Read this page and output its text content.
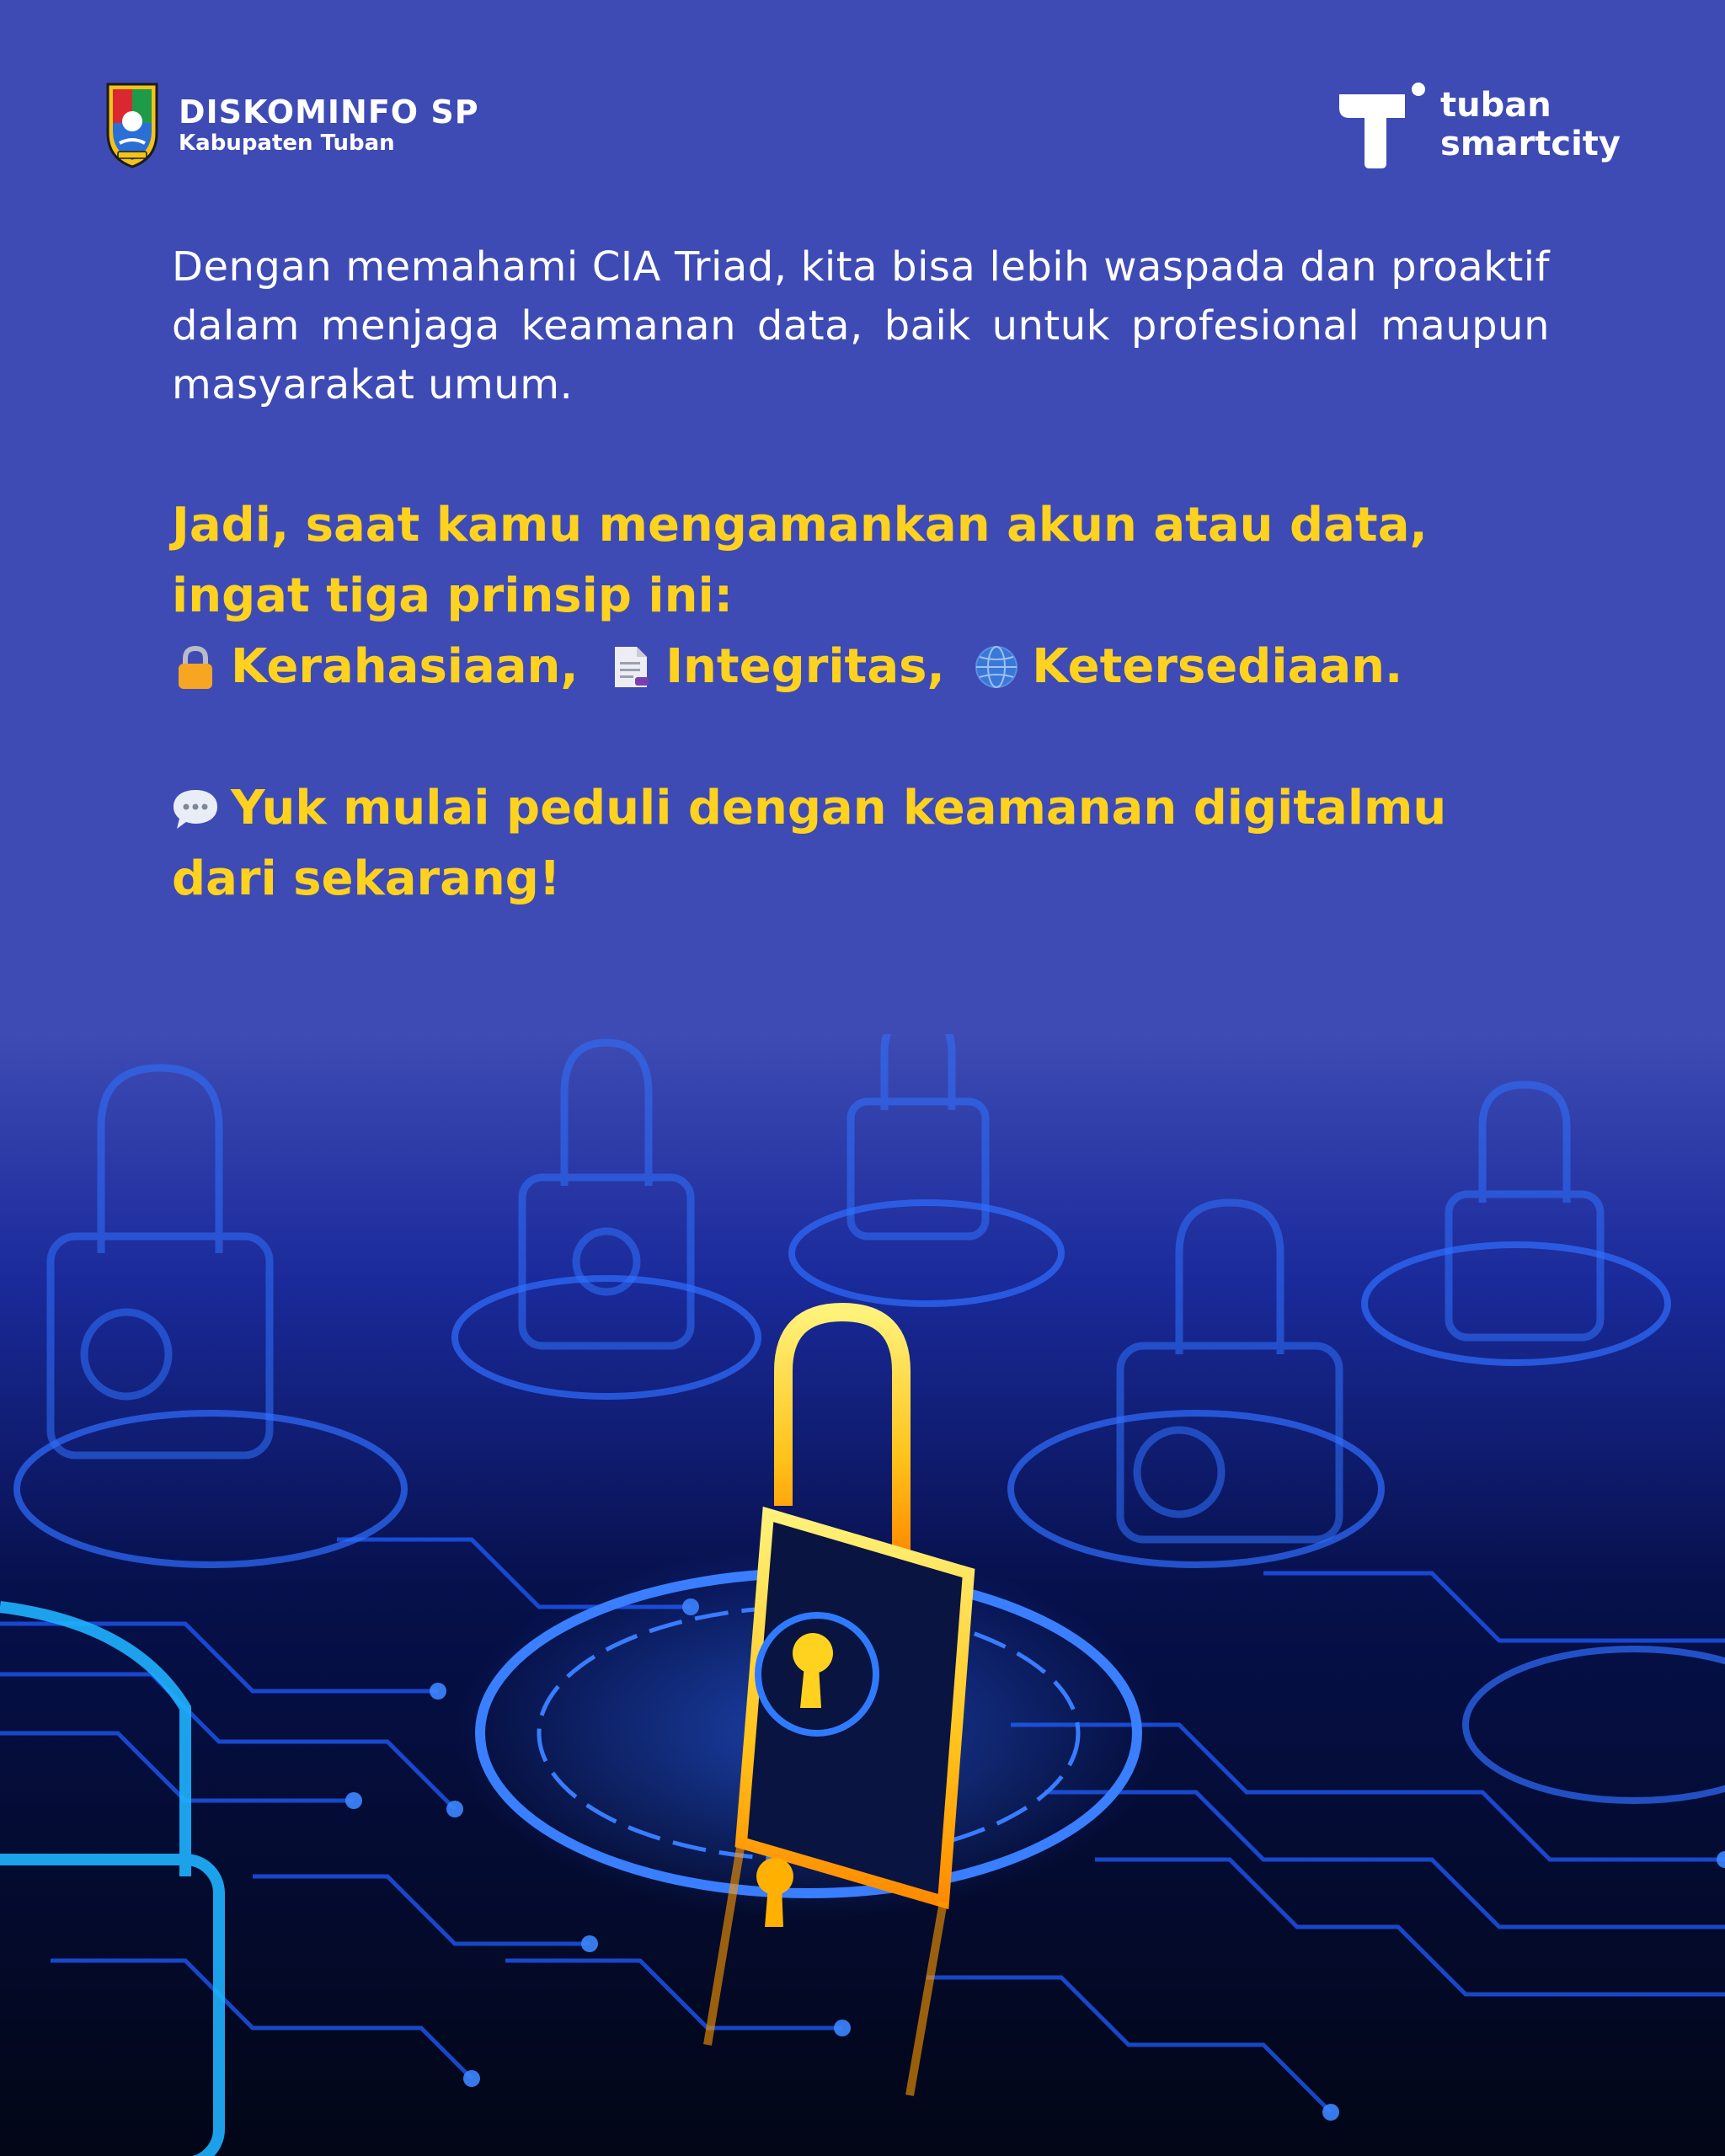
DISKOMINFO SP
Kabupaten Tuban
tuban
smartcity

Dengan memahami CIA Triad, kita bisa lebih waspada dan proaktif dalam menjaga keamanan data, baik untuk profesional maupun masyarakat umum.

Jadi, saat kamu mengamankan akun atau data,

ingat tiga prinsip ini:

Kerahasiaan, Integritas, Ketersediaan.

Yuk mulai peduli dengan keamanan digitalmu

dari sekarang!
